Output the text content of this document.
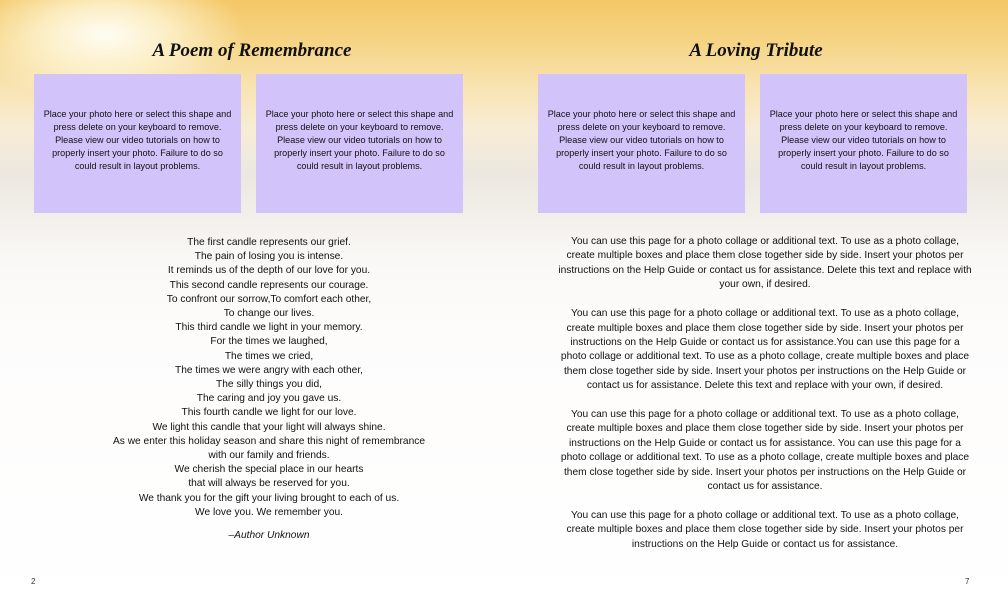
A Poem of Remembrance
Place your photo here or select this shape and press delete on your keyboard to remove. Please view our video tutorials on how to properly insert your photo. Failure to do so could result in layout problems.
Place your photo here or select this shape and press delete on your keyboard to remove. Please view our video tutorials on how to properly insert your photo. Failure to do so could result in layout problems.
The first candle represents our grief.
The pain of losing you is intense.
It reminds us of the depth of our love for you.
This second candle represents our courage.
To confront our sorrow,To comfort each other,
To change our lives.
This third candle we light in your memory.
For the times we laughed,
The times we cried,
The times we were angry with each other,
The silly things you did,
The caring and joy you gave us.
This fourth candle we light for our love.
We light this candle that your light will always shine.
As we enter this holiday season and share this night of remembrance
with our family and friends.
We cherish the special place in our hearts
that will always be reserved for you.
We thank you for the gift your living brought to each of us.
We love you. We remember you.
–Author Unknown
2
A Loving Tribute
Place your photo here or select this shape and press delete on your keyboard to remove. Please view our video tutorials on how to properly insert your photo. Failure to do so could result in layout problems.
Place your photo here or select this shape and press delete on your keyboard to remove. Please view our video tutorials on how to properly insert your photo. Failure to do so could result in layout problems.

You can use this page for a photo collage or additional text. To use as a photo collage, create multiple boxes and place them close together side by side. Insert your photos per instructions on the Help Guide or contact us for assistance. Delete this text and replace with your own, if desired.

You can use this page for a photo collage or additional text. To use as a photo collage, create multiple boxes and place them close together side by side. Insert your photos per instructions on the Help Guide or contact us for assistance.You can use this page for a photo collage or additional text. To use as a photo collage, create multiple boxes and place them close together side by side. Insert your photos per instructions on the Help Guide or contact us for assistance. Delete this text and replace with your own, if desired.

You can use this page for a photo collage or additional text. To use as a photo collage, create multiple boxes and place them close together side by side. Insert your photos per instructions on the Help Guide or contact us for assistance. You can use this page for a photo collage or additional text. To use as a photo collage, create multiple boxes and place them close together side by side. Insert your photos per instructions on the Help Guide or contact us for assistance.

You can use this page for a photo collage or additional text. To use as a photo collage, create multiple boxes and place them close together side by side. Insert your photos per instructions on the Help Guide or contact us for assistance.

7
